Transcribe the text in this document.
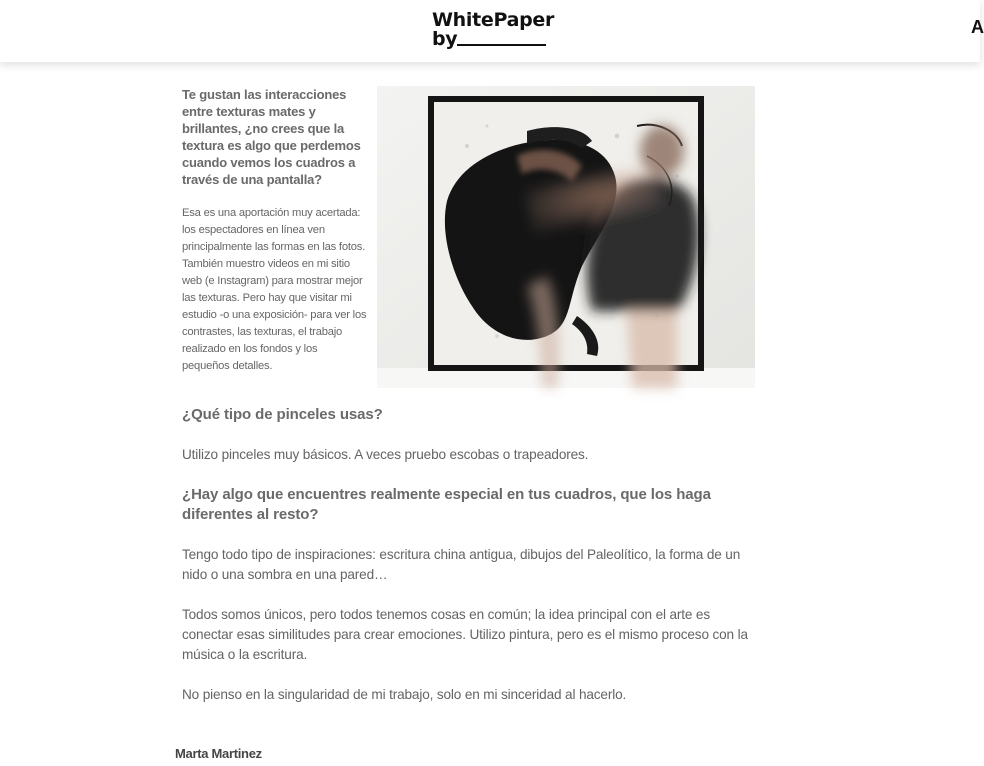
WhitePaper
by
A

Te gustan las interacciones entre texturas mates y brillantes, ¿no crees que la textura es algo que perdemos cuando vemos los cuadros a través de una pantalla?

Esa es una aportación muy acertada: los espectadores en línea ven principalmente las formas en las fotos. También muestro videos en mi sitio web (e Instagram) para mostrar mejor las texturas. Pero hay que visitar mi estudio -o una exposición- para ver los contrastes, las texturas, el trabajo realizado en los fondos y los pequeños detalles.

¿Qué tipo de pinceles usas?

Utilizo pinceles muy básicos. A veces pruebo escobas o trapeadores.

¿Hay algo que encuentres realmente especial en tus cuadros, que los haga diferentes al resto?

Tengo todo tipo de inspiraciones: escritura china antigua, dibujos del Paleolítico, la forma de un nido o una sombra en una pared…

Todos somos únicos, pero todos tenemos cosas en común; la idea principal con el arte es conectar esas similitudes para crear emociones. Utilizo pintura, pero es el mismo proceso con la música o la escritura.

No pienso en la singularidad de mi trabajo, solo en mi sinceridad al hacerlo.

Marta Martinez
